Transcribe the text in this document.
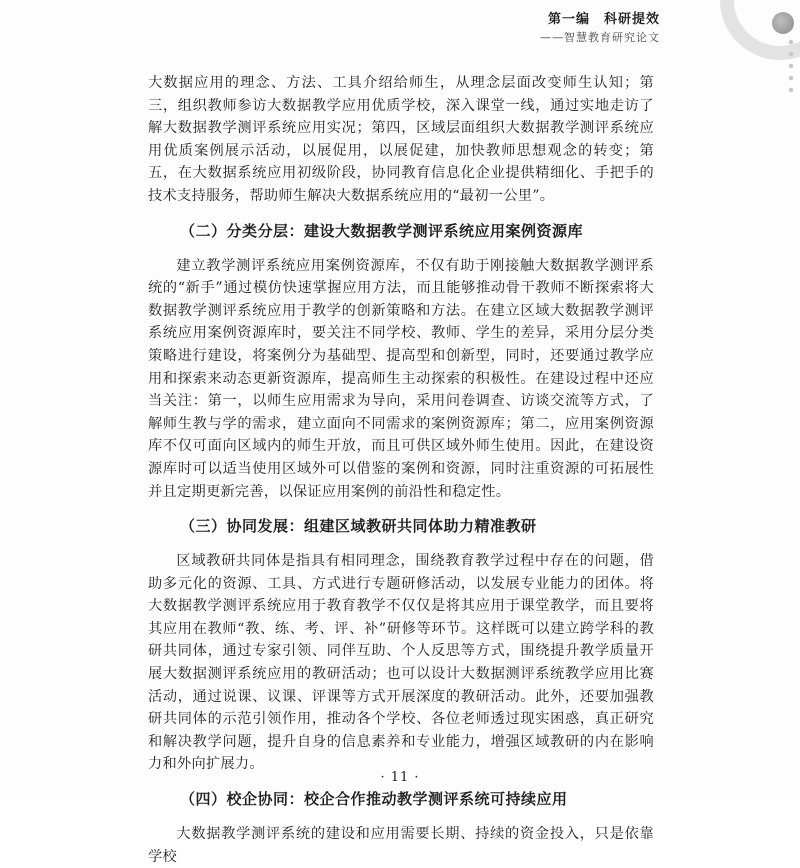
第一编　科研提效
——智慧教育研究论文

大数据应用的理念、方法、工具介绍给师生，从理念层面改变师生认知；第三，组织教师参访大数据教学应用优质学校，深入课堂一线，通过实地走访了解大数据教学测评系统应用实况；第四，区域层面组织大数据教学测评系统应用优质案例展示活动，以展促用，以展促建，加快教师思想观念的转变；第五，在大数据系统应用初级阶段，协同教育信息化企业提供精细化、手把手的技术支持服务，帮助师生解决大数据系统应用的“最初一公里”。

（二）分类分层：建设大数据教学测评系统应用案例资源库

建立教学测评系统应用案例资源库，不仅有助于刚接触大数据教学测评系统的“新手”通过模仿快速掌握应用方法，而且能够推动骨干教师不断探索将大数据教学测评系统应用于教学的创新策略和方法。在建立区域大数据教学测评系统应用案例资源库时，要关注不同学校、教师、学生的差异，采用分层分类策略进行建设，将案例分为基础型、提高型和创新型，同时，还要通过教学应用和探索来动态更新资源库，提高师生主动探索的积极性。在建设过程中还应当关注：第一，以师生应用需求为导向，采用问卷调查、访谈交流等方式，了解师生教与学的需求，建立面向不同需求的案例资源库；第二，应用案例资源库不仅可面向区域内的师生开放，而且可供区域外师生使用。因此，在建设资源库时可以适当使用区域外可以借鉴的案例和资源，同时注重资源的可拓展性并且定期更新完善，以保证应用案例的前沿性和稳定性。

（三）协同发展：组建区域教研共同体助力精准教研

区域教研共同体是指具有相同理念，围绕教育教学过程中存在的问题，借助多元化的资源、工具、方式进行专题研修活动，以发展专业能力的团体。将大数据教学测评系统应用于教育教学不仅仅是将其应用于课堂教学，而且要将其应用在教师“教、练、考、评、补”研修等环节。这样既可以建立跨学科的教研共同体，通过专家引领、同伴互助、个人反思等方式，围绕提升教学质量开展大数据测评系统应用的教研活动；也可以设计大数据测评系统教学应用比赛活动，通过说课、议课、评课等方式开展深度的教研活动。此外，还要加强教研共同体的示范引领作用，推动各个学校、各位老师透过现实困惑，真正研究和解决教学问题，提升自身的信息素养和专业能力，增强区域教研的内在影响力和外向扩展力。

（四）校企协同：校企合作推动教学测评系统可持续应用

大数据教学测评系统的建设和应用需要长期、持续的资金投入，只是依靠学校

· 11 ·
